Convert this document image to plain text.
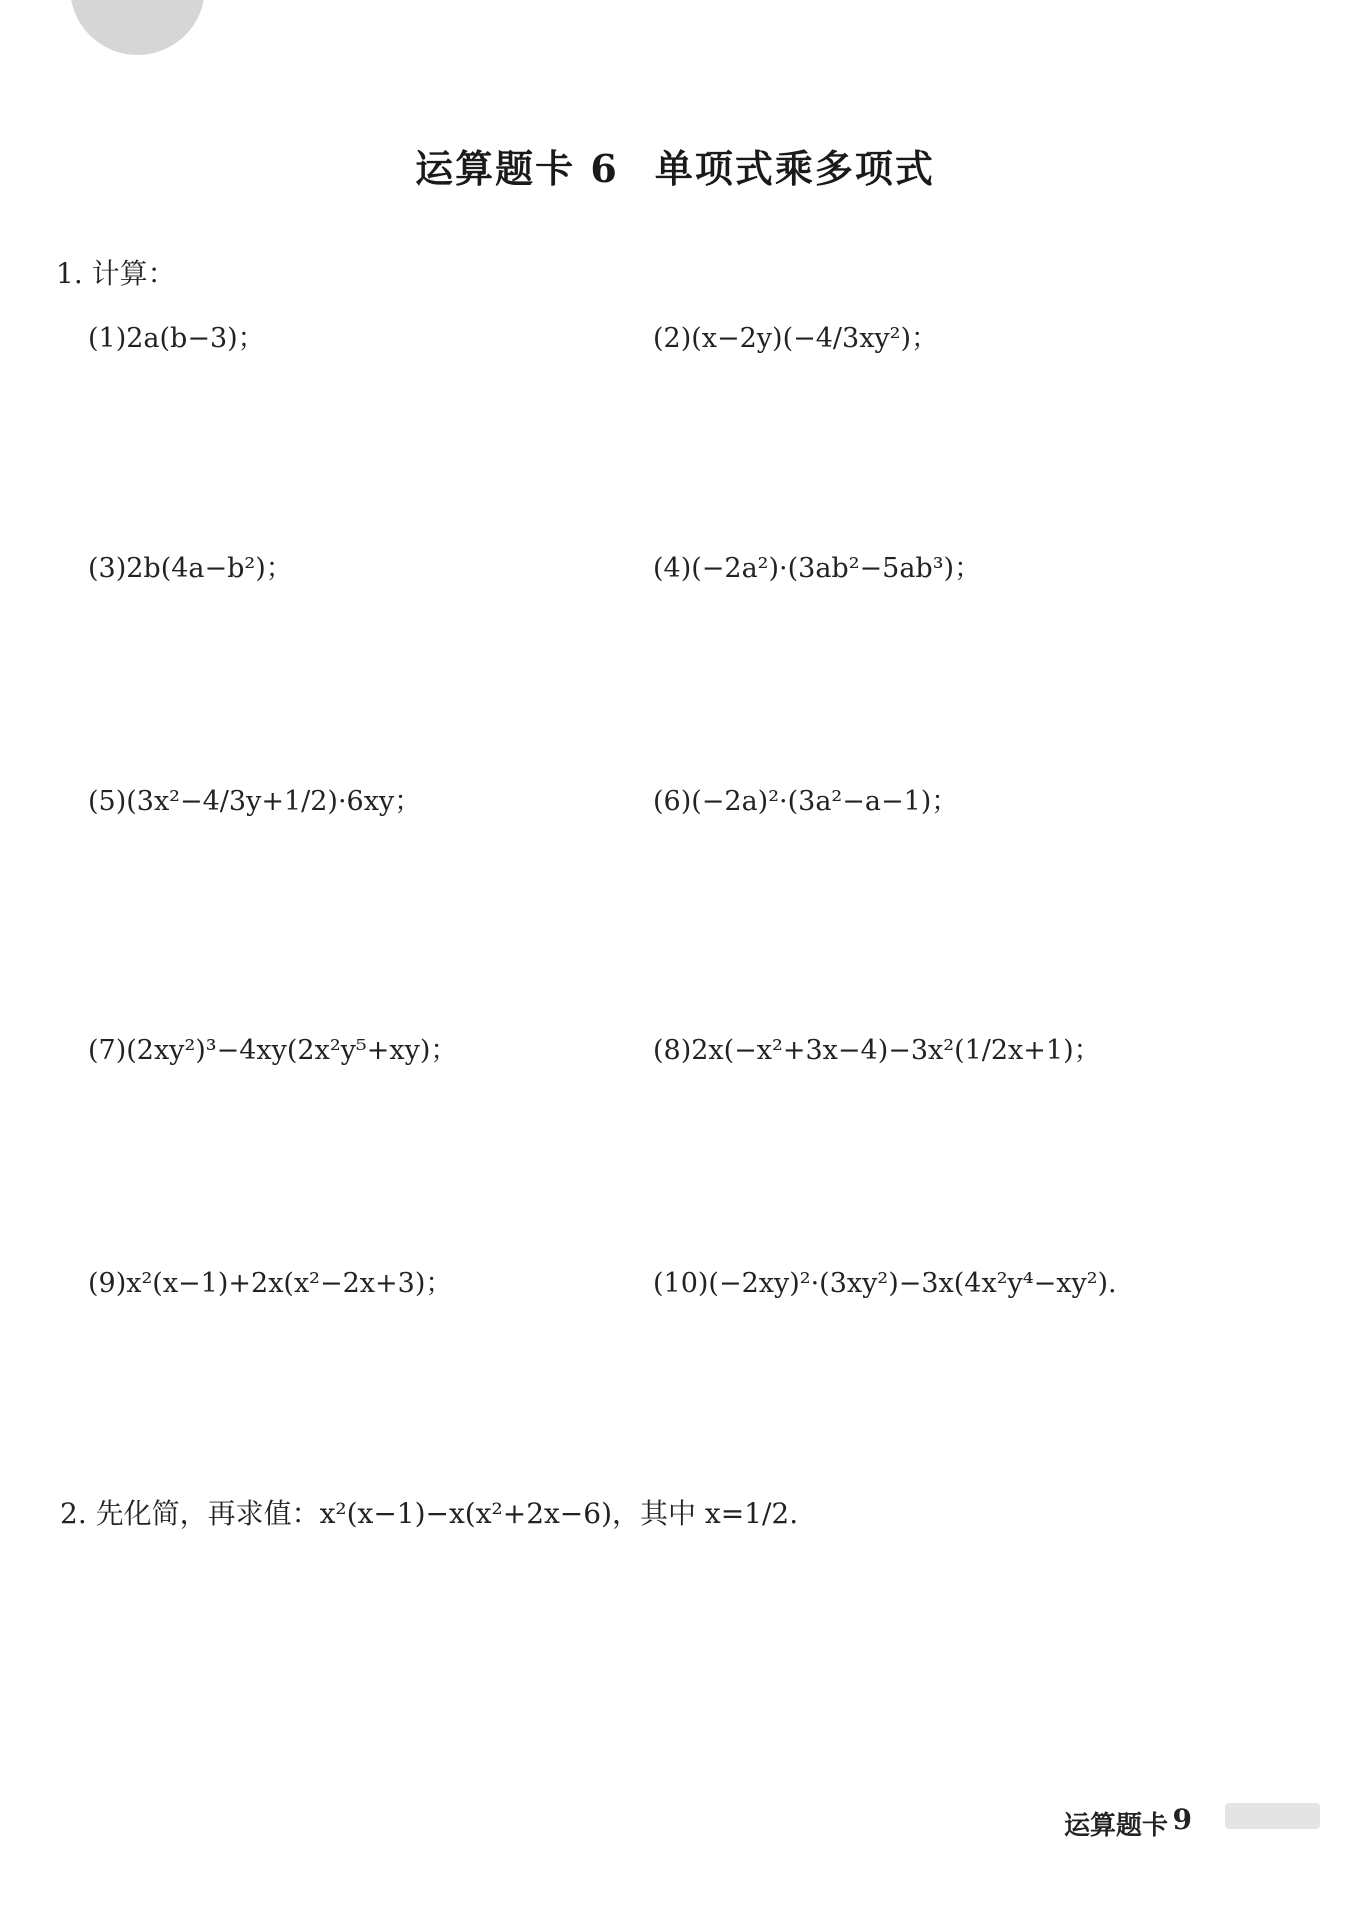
运算题卡 6 单项式乘多项式
1. 计算：
(1)2a(b−3)；	(2)(x−2y)(−4/3xy²)；
(3)2b(4a−b²)；	(4)(−2a²)·(3ab²−5ab³)；
(5)(3x²−4/3y+1/2)·6xy；	(6)(−2a)²·(3a²−a−1)；
(7)(2xy²)³−4xy(2x²y⁵+xy)；	(8)2x(−x²+3x−4)−3x²(1/2x+1)；
(9)x²(x−1)+2x(x²−2x+3)；	(10)(−2xy)²·(3xy²)−3x(4x²y⁴−xy²).
2. 先化简，再求值：x²(x−1)−x(x²+2x−6)，其中 x=1/2.
运算题卡 9
